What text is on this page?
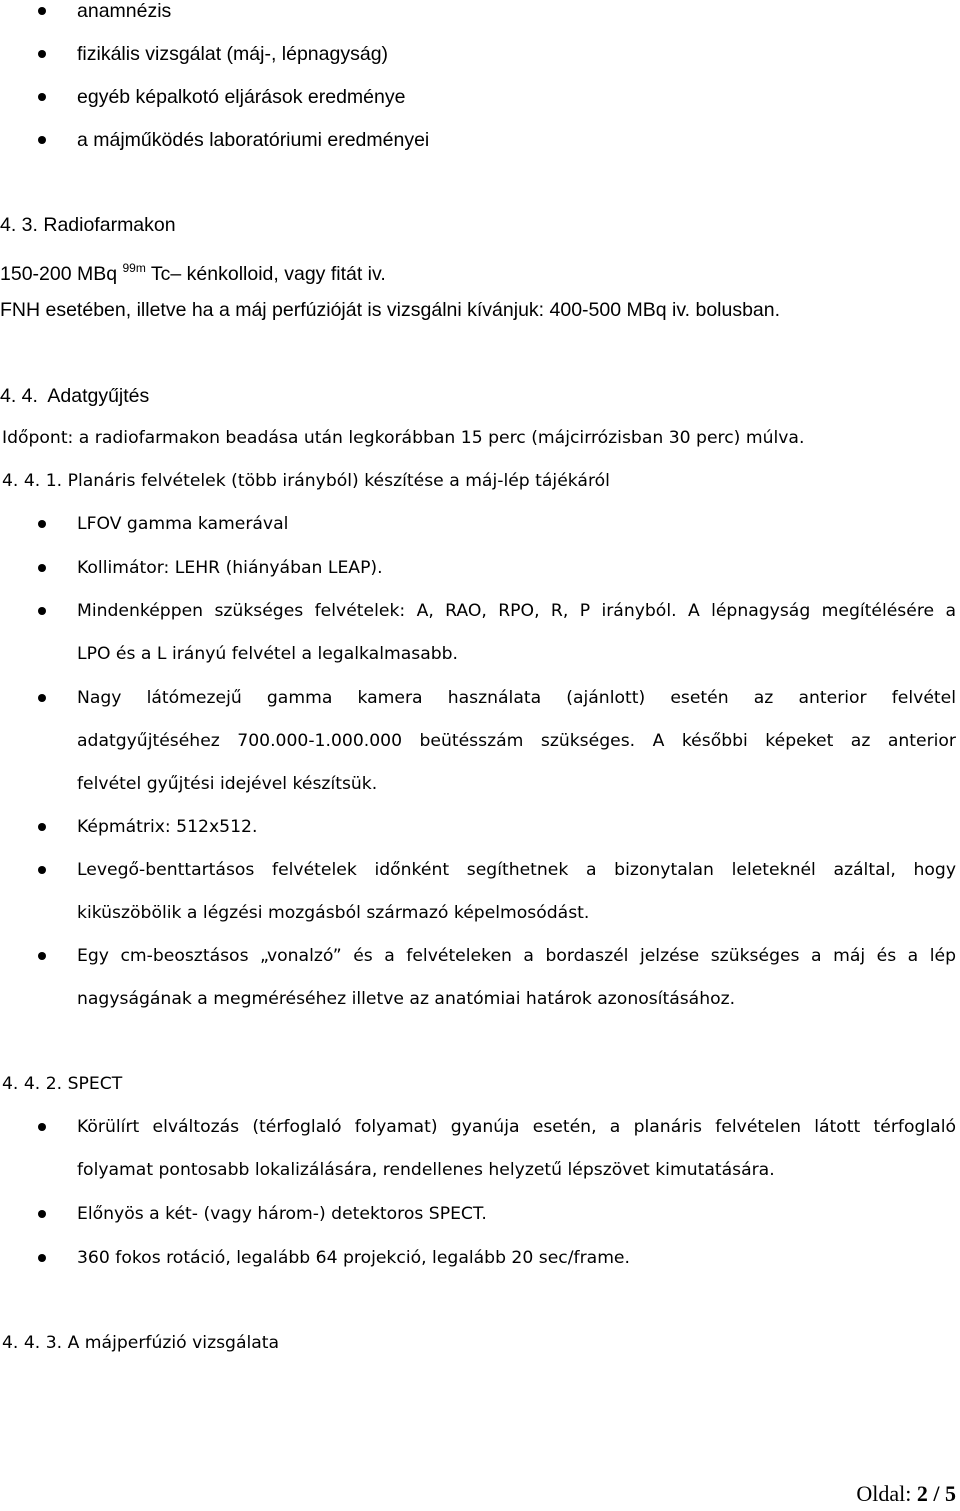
anamnézis
fizikális vizsgálat (máj-, lépnagyság)
egyéb képalkotó eljárások eredménye
a májműködés laboratóriumi eredményei
4. 3. Radiofarmakon
150-200 MBq $^{99m}$ Tc– kénkolloid, vagy fitát iv.
FNH esetében, illetve ha a máj perfúzióját is vizsgálni kívánjuk: 400-500 MBq iv. bolusban.
4. 4. Adatgyűjtés
Időpont: a radiofarmakon beadása után legkorábban 15 perc (májcirrózisban 30 perc) múlva.
4. 4. 1. Planáris felvételek (több irányból) készítése a máj-lép tájékáról
LFOV gamma kamerával
Kollimátor: LEHR (hiányában LEAP).
Mindenképpen szükséges felvételek: A, RAO, RPO, R, P irányból. A lépnagyság megítélésére a
LPO és a L irányú felvétel a legalkalmasabb.
Nagy látómezejű gamma kamera használata (ajánlott) esetén az anterior felvétel
adatgyűjtéséhez 700.000-1.000.000 beütésszám szükséges. A későbbi képeket az anterior
felvétel gyűjtési idejével készítsük.
Képmátrix: 512x512.
Levegő-benttartásos felvételek időnként segíthetnek a bizonytalan leleteknél azáltal, hogy
kiküszöbölik a légzési mozgásból származó képelmosódást.
Egy cm-beosztásos „vonalzó” és a felvételeken a bordaszél jelzése szükséges a máj és a lép
nagyságának a megméréséhez illetve az anatómiai határok azonosításához.
4. 4. 2. SPECT
Körülírt elváltozás (térfoglaló folyamat) gyanúja esetén, a planáris felvételen látott térfoglaló
folyamat pontosabb lokalizálására, rendellenes helyzetű lépszövet kimutatására.
Előnyös a két- (vagy három-) detektoros SPECT.
360 fokos rotáció, legalább 64 projekció, legalább 20 sec/frame.
4. 4. 3. A májperfúzió vizsgálata
Oldal: 2 / 5
